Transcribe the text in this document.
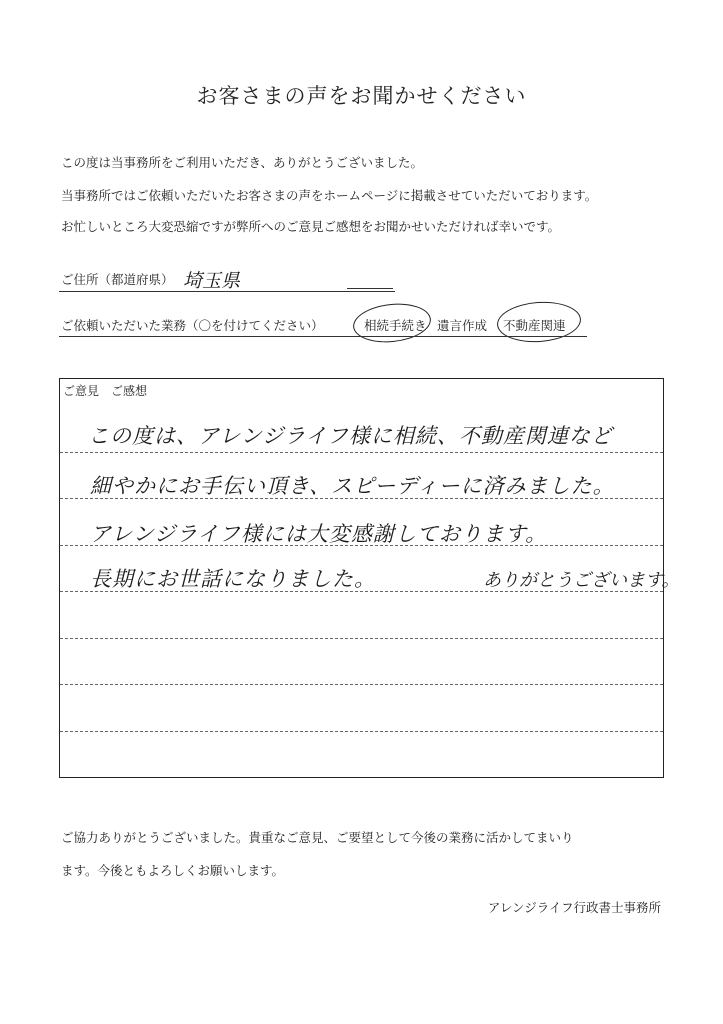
お客さまの声をお聞かせください
この度は当事務所をご利用いただき、ありがとうございました。
当事務所ではご依頼いただいたお客さまの声をホームページに掲載させていただいております。
お忙しいところ大変恐縮ですが弊所へのご意見ご感想をお聞かせいただければ幸いです。
ご住所（都道府県） 埼玉県
ご依頼いただいた業務（〇を付けてください）	相続手続き 遺言作成 不動産関連
ご意見　ご感想
この度は、アレンジライフ様に相続、不動産関連など
細やかにお手伝い頂き、スピーディーに済みました。
アレンジライフ様には大変感謝しております。
長期にお世話になりました。	ありがとうございます。
ご協力ありがとうございました。貴重なご意見、ご要望として今後の業務に活かしてまいり
ます。今後ともよろしくお願いします。
アレンジライフ行政書士事務所
